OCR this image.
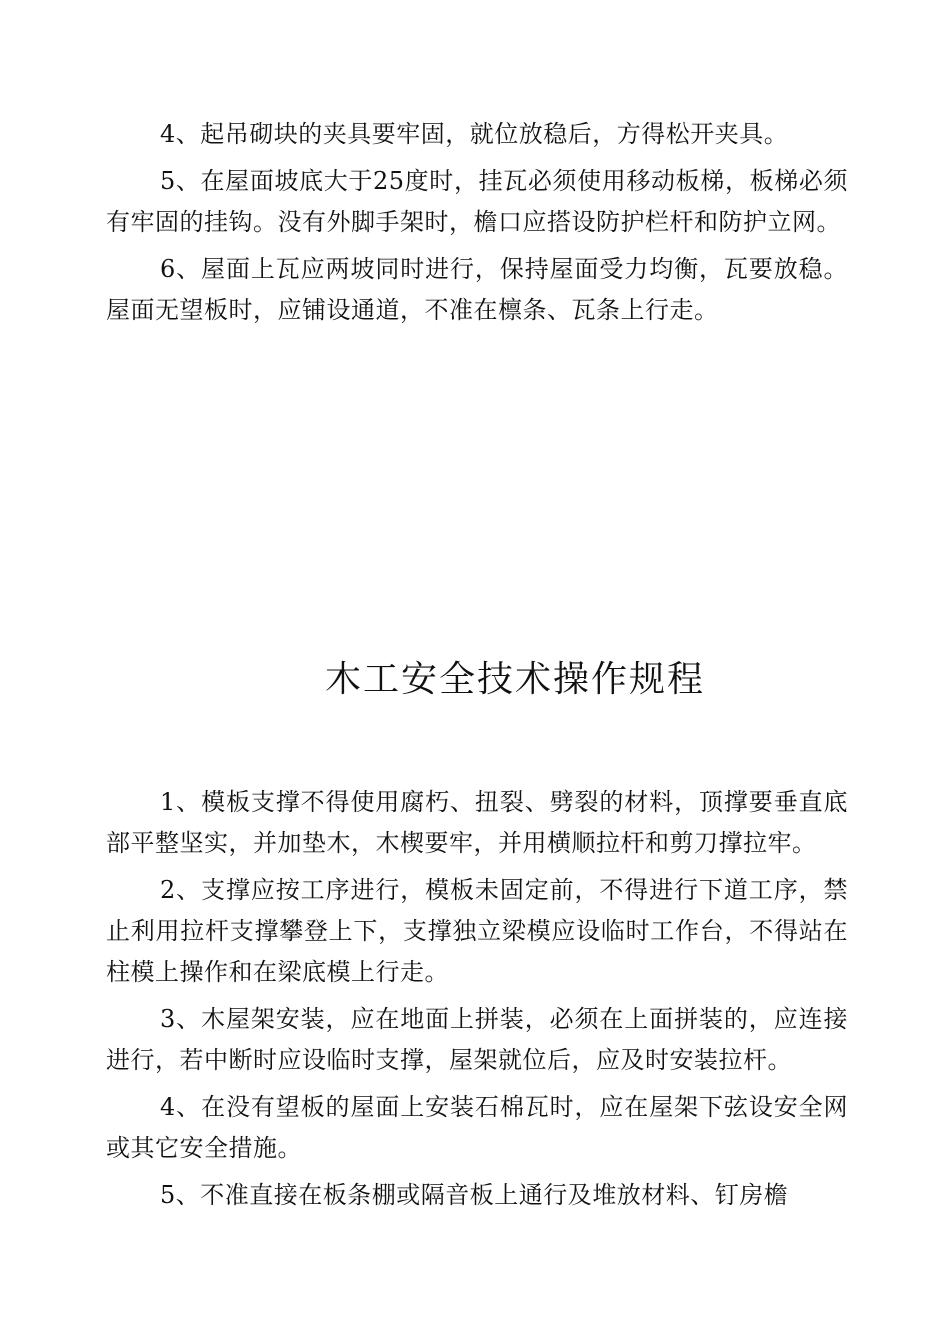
4、起吊砌块的夹具要牢固，就位放稳后，方得松开夹具。

5、在屋面坡底大于25度时，挂瓦必须使用移动板梯，板梯必须有牢固的挂钩。没有外脚手架时，檐口应搭设防护栏杆和防护立网。

6、屋面上瓦应两坡同时进行，保持屋面受力均衡，瓦要放稳。屋面无望板时，应铺设通道，不准在檩条、瓦条上行走。

木工安全技术操作规程

1、模板支撑不得使用腐朽、扭裂、劈裂的材料，顶撑要垂直底部平整坚实，并加垫木，木楔要牢，并用横顺拉杆和剪刀撑拉牢。

2、支撑应按工序进行，模板未固定前，不得进行下道工序，禁止利用拉杆支撑攀登上下，支撑独立梁模应设临时工作台，不得站在柱模上操作和在梁底模上行走。

3、木屋架安装，应在地面上拼装，必须在上面拼装的，应连接进行，若中断时应设临时支撑，屋架就位后，应及时安装拉杆。

4、在没有望板的屋面上安装石棉瓦时，应在屋架下弦设安全网或其它安全措施。

5、不准直接在板条棚或隔音板上通行及堆放材料、钉房檐
